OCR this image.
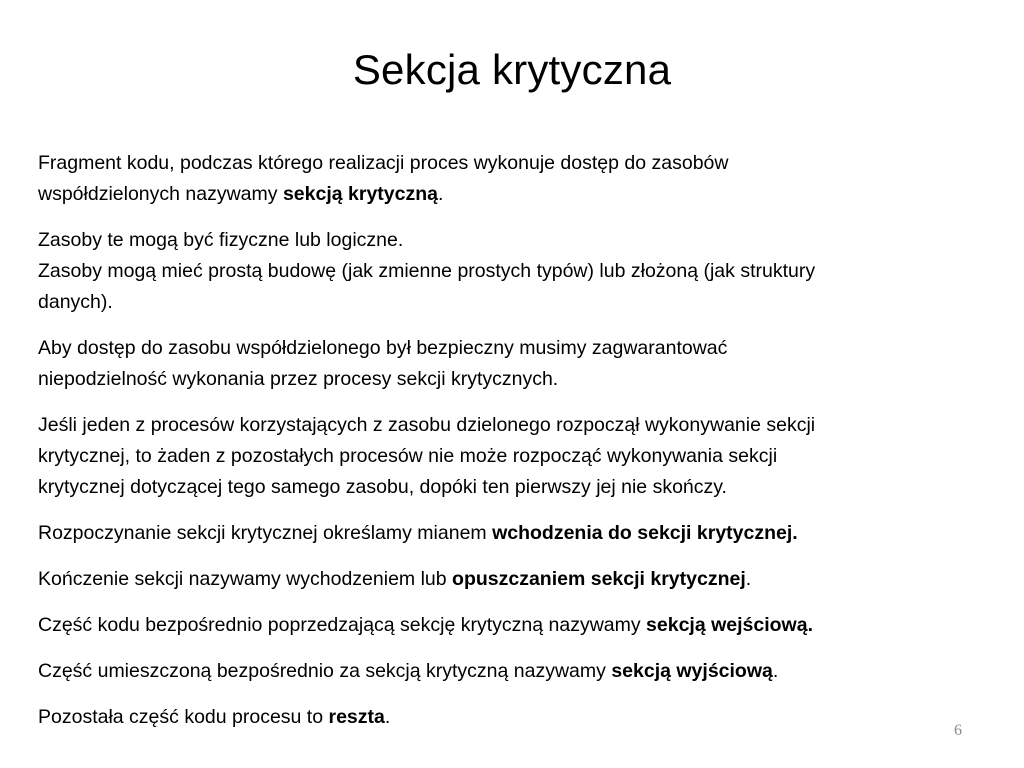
Sekcja krytyczna

Fragment kodu, podczas którego realizacji proces wykonuje dostęp do zasobów
współdzielonych nazywamy sekcją krytyczną.

Zasoby te mogą być fizyczne lub logiczne.
Zasoby mogą mieć prostą budowę (jak zmienne prostych typów) lub złożoną (jak struktury
danych).

Aby dostęp do zasobu współdzielonego był bezpieczny musimy zagwarantować
niepodzielność wykonania przez procesy sekcji krytycznych.

Jeśli jeden z procesów korzystających z zasobu dzielonego rozpoczął wykonywanie sekcji
krytycznej, to żaden z pozostałych procesów nie może rozpocząć wykonywania sekcji
krytycznej dotyczącej tego samego zasobu, dopóki ten pierwszy jej nie skończy.

Rozpoczynanie sekcji krytycznej określamy mianem wchodzenia do sekcji krytycznej.

Kończenie sekcji nazywamy wychodzeniem lub opuszczaniem sekcji krytycznej.

Część kodu bezpośrednio poprzedzającą sekcję krytyczną nazywamy sekcją wejściową.

Część umieszczoną bezpośrednio za sekcją krytyczną nazywamy sekcją wyjściową.

Pozostała część kodu procesu to reszta.

6
